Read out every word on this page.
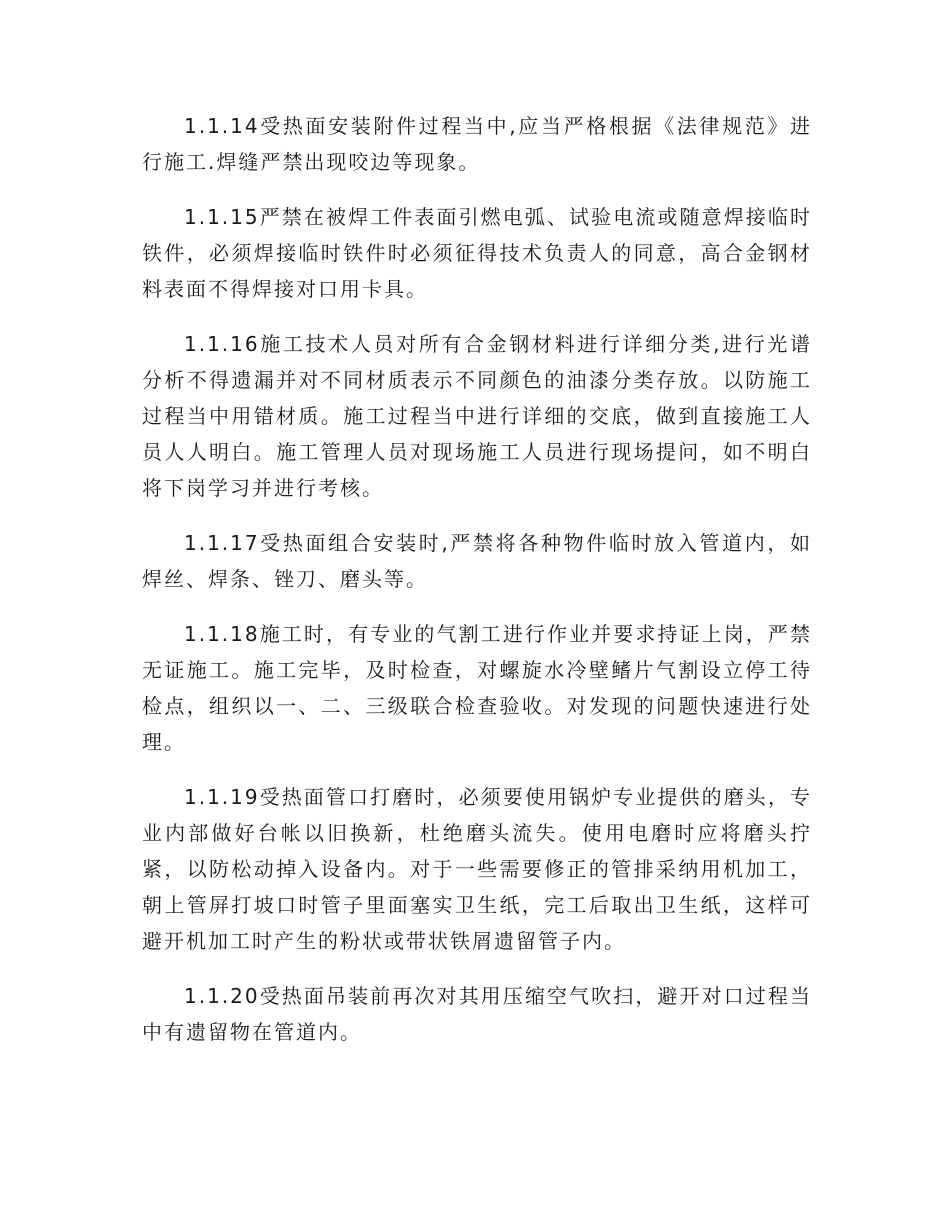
1.1.14受热面安装附件过程当中,应当严格根据《法律规范》进行施工.焊缝严禁出现咬边等现象。

1.1.15严禁在被焊工件表面引燃电弧、试验电流或随意焊接临时铁件，必须焊接临时铁件时必须征得技术负责人的同意，高合金钢材料表面不得焊接对口用卡具。

1.1.16施工技术人员对所有合金钢材料进行详细分类,进行光谱分析不得遗漏并对不同材质表示不同颜色的油漆分类存放。以防施工过程当中用错材质。施工过程当中进行详细的交底，做到直接施工人员人人明白。施工管理人员对现场施工人员进行现场提问，如不明白将下岗学习并进行考核。

1.1.17受热面组合安装时,严禁将各种物件临时放入管道内，如焊丝、焊条、锉刀、磨头等。

1.1.18施工时，有专业的气割工进行作业并要求持证上岗，严禁无证施工。施工完毕，及时检查，对螺旋水冷壁鳍片气割设立停工待检点，组织以一、二、三级联合检查验收。对发现的问题快速进行处理。

1.1.19受热面管口打磨时，必须要使用锅炉专业提供的磨头，专业内部做好台帐以旧换新，杜绝磨头流失。使用电磨时应将磨头拧紧，以防松动掉入设备内。对于一些需要修正的管排采纳用机加工，朝上管屏打坡口时管子里面塞实卫生纸，完工后取出卫生纸，这样可避开机加工时产生的粉状或带状铁屑遗留管子内。

1.1.20受热面吊装前再次对其用压缩空气吹扫，避开对口过程当中有遗留物在管道内。
